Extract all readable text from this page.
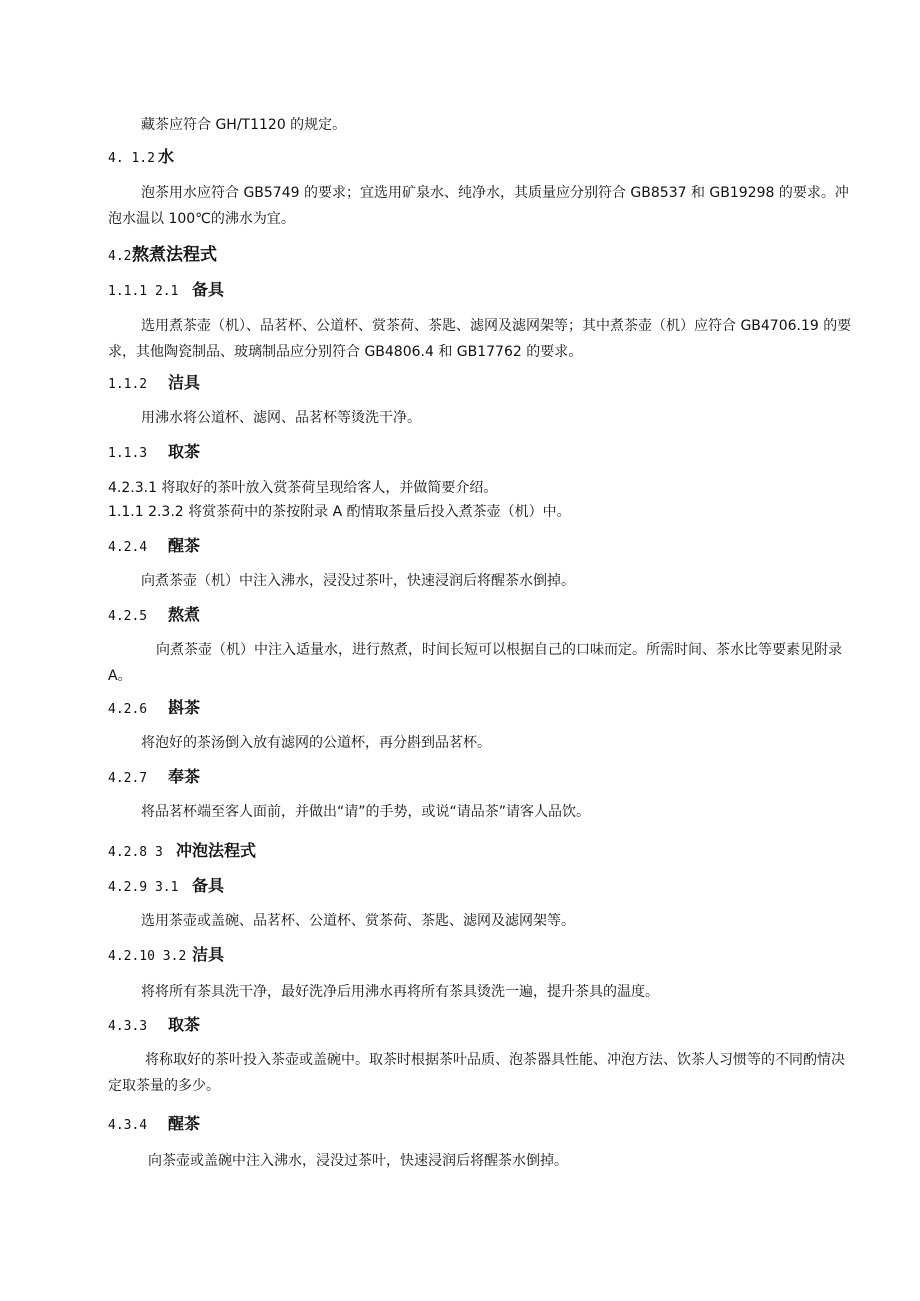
藏茶应符合 GH/T1120 的规定。
4. 1.2 水
泡茶用水应符合 GB5749 的要求；宜选用矿泉水、纯净水，其质量应分别符合 GB8537 和 GB19298 的要求。冲泡水温以 100℃的沸水为宜。
4.2熬煮法程式
1.1.1 2.1 备具
选用煮茶壶（机）、品茗杯、公道杯、赏茶荷、茶匙、滤网及滤网架等；其中煮茶壶（机）应符合 GB4706.19 的要求，其他陶瓷制品、玻璃制品应分别符合 GB4806.4 和 GB17762 的要求。
1.1.2 洁具
用沸水将公道杯、滤网、品茗杯等烫洗干净。
1.1.3 取茶
4.2.3.1 将取好的茶叶放入赏茶荷呈现给客人，并做简要介绍。
1.1.1 2.3.2 将赏茶荷中的茶按附录 A 酌情取茶量后投入煮茶壶（机）中。
4.2.4 醒茶
向煮茶壶（机）中注入沸水，浸没过茶叶，快速浸润后将醒茶水倒掉。
4.2.5 熬煮
向煮茶壶（机）中注入适量水，进行熬煮，时间长短可以根据自己的口味而定。所需时间、茶水比等要素见附录 A。
4.2.6 斟茶
将泡好的茶汤倒入放有滤网的公道杯，再分斟到品茗杯。
4.2.7 奉茶
将品茗杯端至客人面前，并做出“请”的手势，或说“请品茶”请客人品饮。
4.2.8 3 冲泡法程式
4.2.9 3.1 备具
选用茶壶或盖碗、品茗杯、公道杯、赏茶荷、茶匙、滤网及滤网架等。
4.2.10 3.2 洁具
将将所有茶具洗干净，最好洗净后用沸水再将所有茶具烫洗一遍，提升茶具的温度。
4.3.3 取茶
将称取好的茶叶投入茶壶或盖碗中。取茶时根据茶叶品质、泡茶器具性能、冲泡方法、饮茶人习惯等的不同酌情决定取茶量的多少。
4.3.4 醒茶
向茶壶或盖碗中注入沸水，浸没过茶叶，快速浸润后将醒茶水倒掉。
